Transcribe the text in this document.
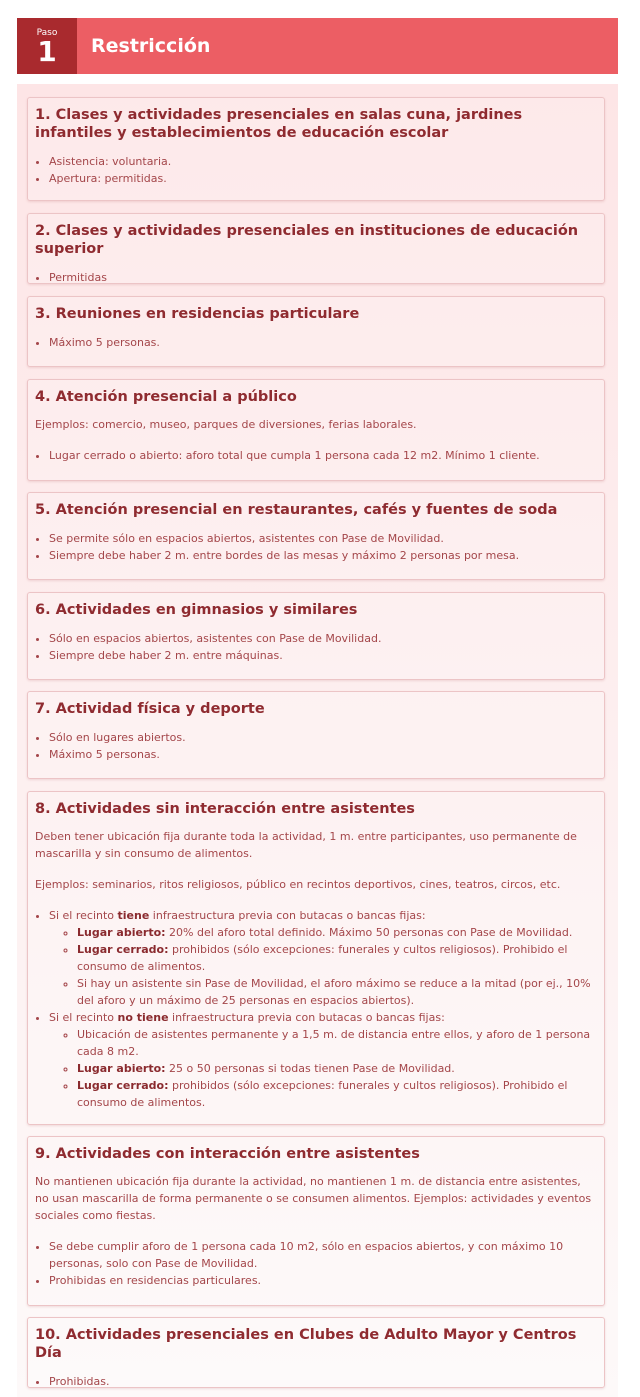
Paso
1 Restricción
1. Clases y actividades presenciales en salas cuna, jardines infantiles y establecimientos de educación escolar
• Asistencia: voluntaria.
• Apertura: permitidas.
2. Clases y actividades presenciales en instituciones de educación superior
• Permitidas
3. Reuniones en residencias particulare
• Máximo 5 personas.
4. Atención presencial a público

Ejemplos: comercio, museo, parques de diversiones, ferias laborales.

• Lugar cerrado o abierto: aforo total que cumpla 1 persona cada 12 m2. Mínimo 1 cliente.
5. Atención presencial en restaurantes, cafés y fuentes de soda
• Se permite sólo en espacios abiertos, asistentes con Pase de Movilidad.
• Siempre debe haber 2 m. entre bordes de las mesas y máximo 2 personas por mesa.
6. Actividades en gimnasios y similares
• Sólo en espacios abiertos, asistentes con Pase de Movilidad.
• Siempre debe haber 2 m. entre máquinas.
7. Actividad física y deporte
• Sólo en lugares abiertos.
• Máximo 5 personas.
8. Actividades sin interacción entre asistentes

Deben tener ubicación fija durante toda la actividad, 1 m. entre participantes, uso permanente de mascarilla y sin consumo de alimentos.

Ejemplos: seminarios, ritos religiosos, público en recintos deportivos, cines, teatros, circos, etc.

• Si el recinto tiene infraestructura previa con butacas o bancas fijas:
◦ Lugar abierto: 20% del aforo total definido. Máximo 50 personas con Pase de Movilidad.
◦ Lugar cerrado: prohibidos (sólo excepciones: funerales y cultos religiosos). Prohibido el consumo de alimentos.
◦ Si hay un asistente sin Pase de Movilidad, el aforo máximo se reduce a la mitad (por ej., 10% del aforo y un máximo de 25 personas en espacios abiertos).
• Si el recinto no tiene infraestructura previa con butacas o bancas fijas:
◦ Ubicación de asistentes permanente y a 1,5 m. de distancia entre ellos, y aforo de 1 persona cada 8 m2.
◦ Lugar abierto: 25 o 50 personas si todas tienen Pase de Movilidad.
◦ Lugar cerrado: prohibidos (sólo excepciones: funerales y cultos religiosos). Prohibido el consumo de alimentos.
9. Actividades con interacción entre asistentes

No mantienen ubicación fija durante la actividad, no mantienen 1 m. de distancia entre asistentes, no usan mascarilla de forma permanente o se consumen alimentos. Ejemplos: actividades y eventos sociales como fiestas.

• Se debe cumplir aforo de 1 persona cada 10 m2, sólo en espacios abiertos, y con máximo 10 personas, solo con Pase de Movilidad.
• Prohibidas en residencias particulares.
10. Actividades presenciales en Clubes de Adulto Mayor y Centros Día
• Prohibidas.
